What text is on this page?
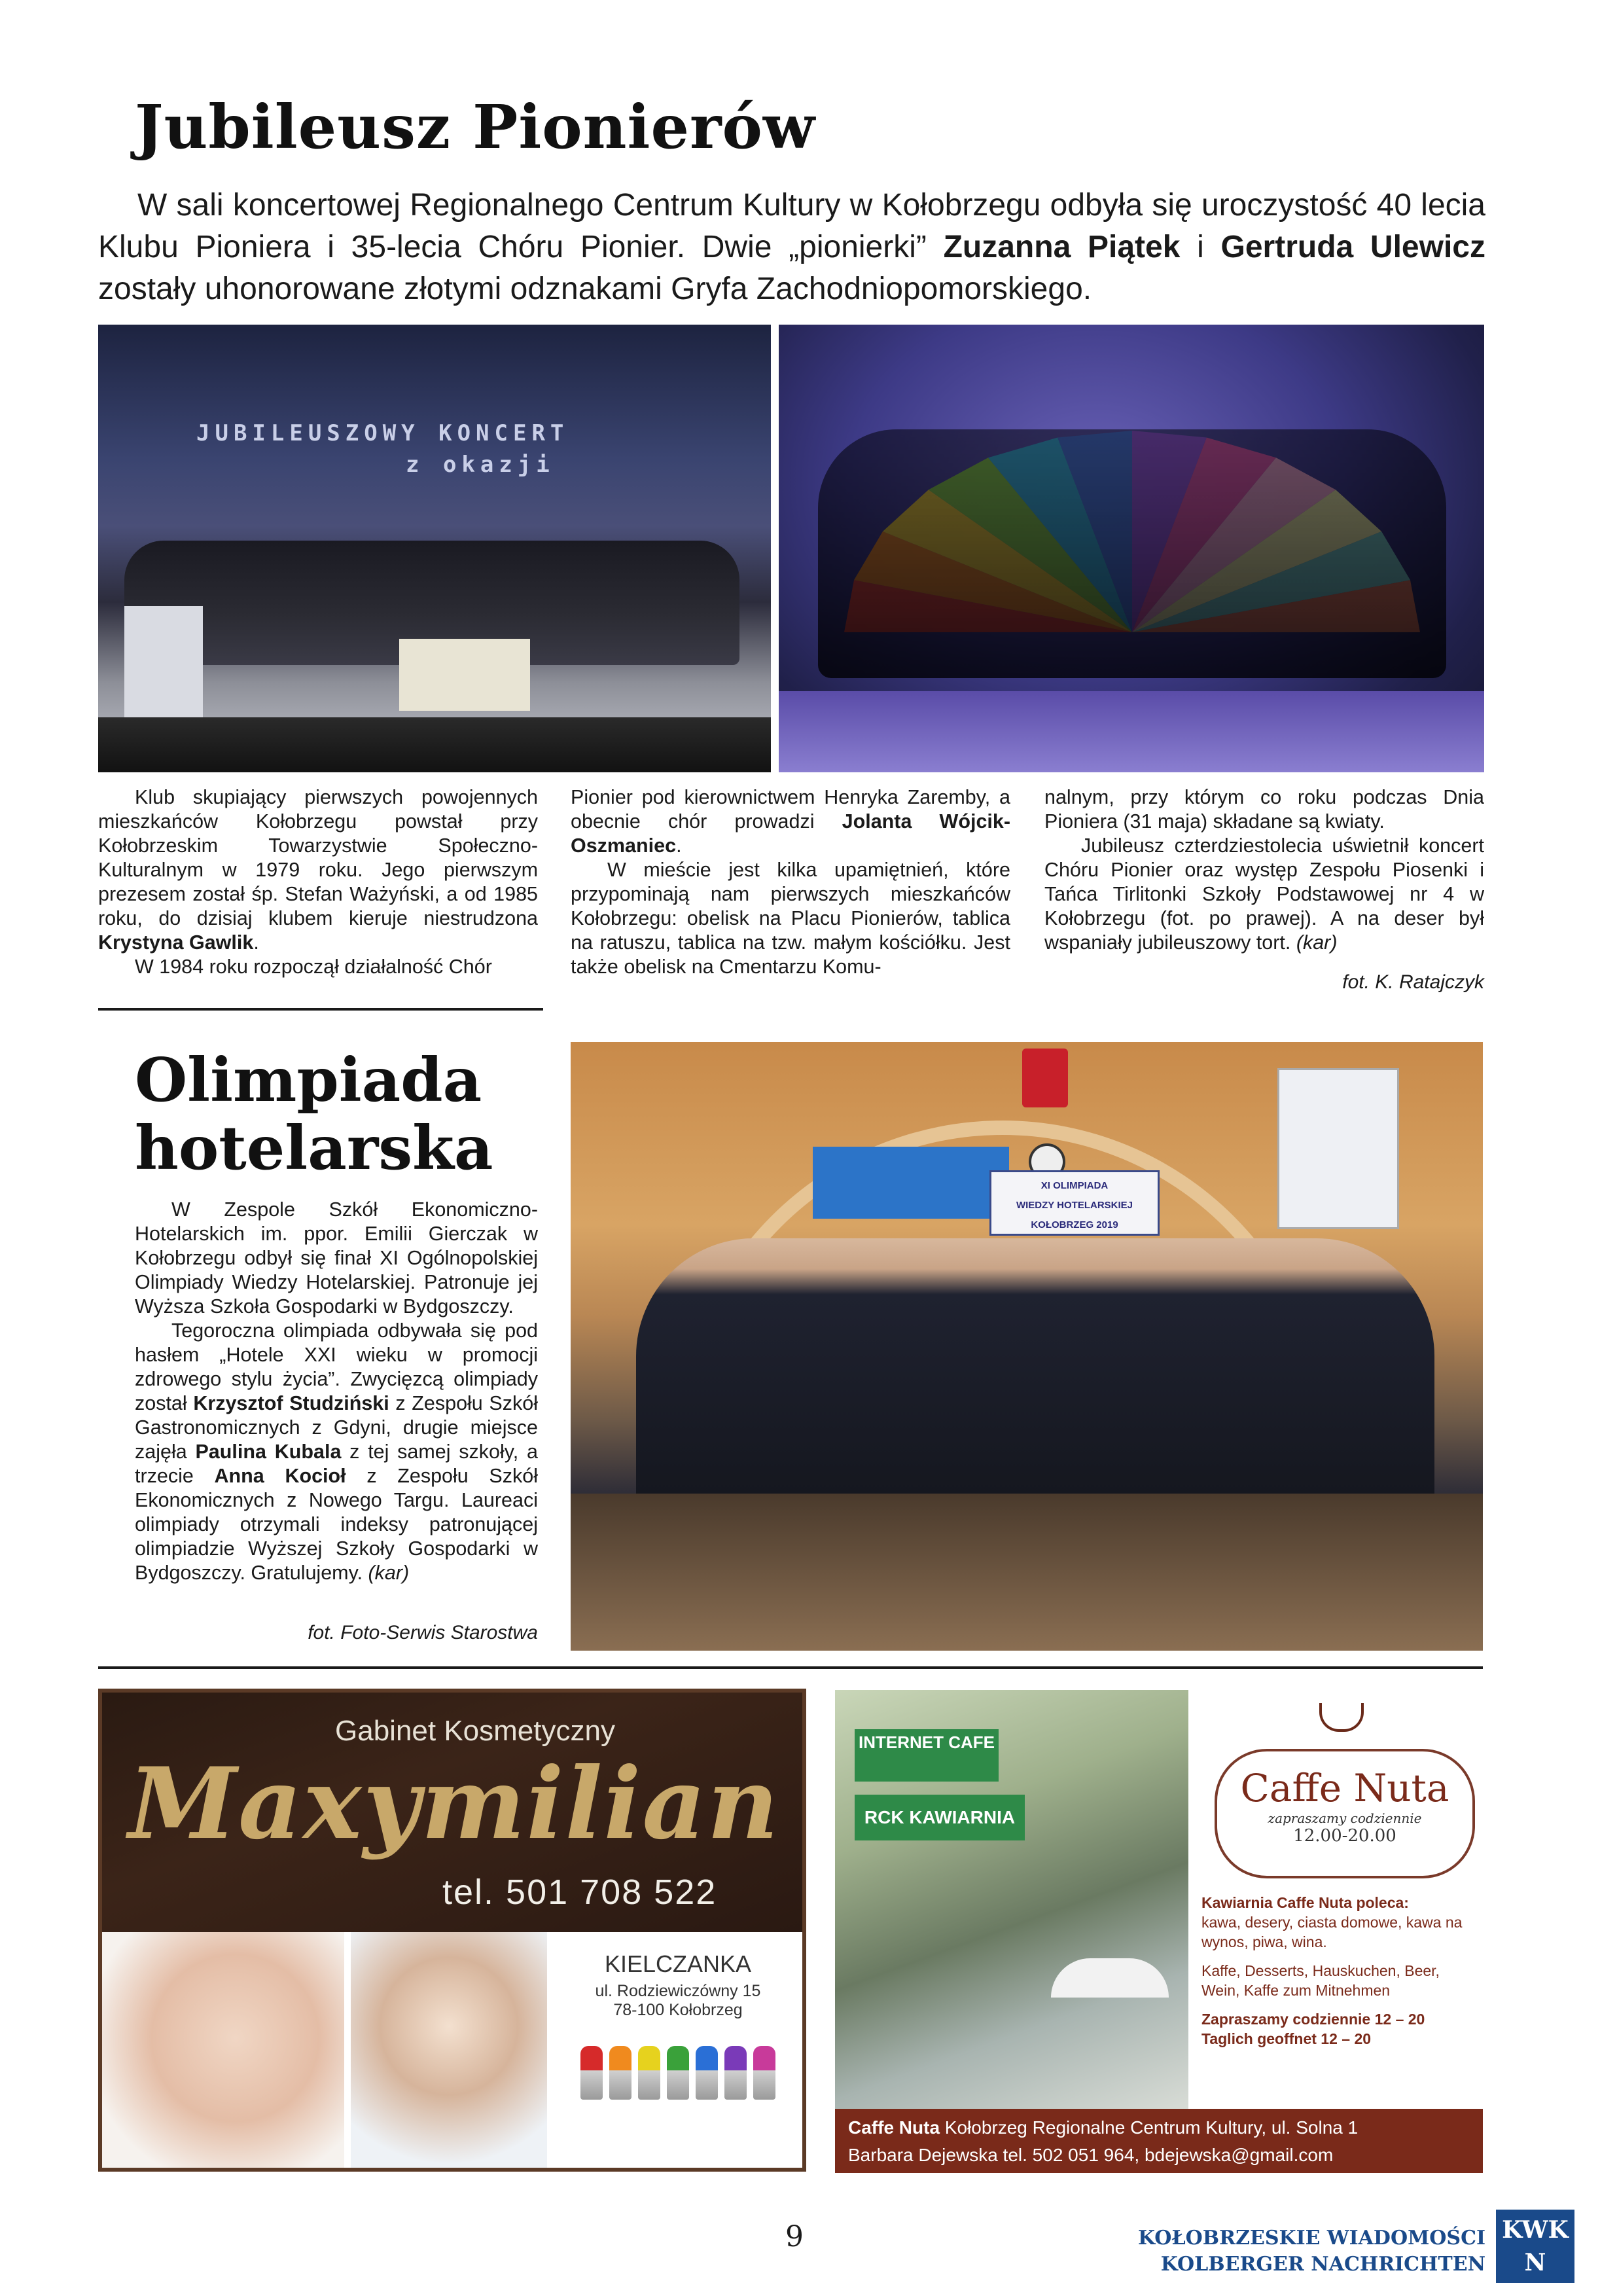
Jubileusz Pionierów
W sali koncertowej Regionalnego Centrum Kultury w Kołobrzegu odbyła się uroczystość 40 lecia Klubu Pioniera i 35-lecia Chóru Pionier. Dwie „pionierki” Zuzanna Piątek i Gertruda Ulewicz zostały uhonorowane złotymi odznakami Gryfa Zachodniopomorskiego.
JUBILEUSZOWY KONCERT
z okazji

Klub skupiający pierwszych powojennych mieszkańców Kołobrzegu powstał przy Kołobrzeskim Towarzystwie Społeczno-Kulturalnym w 1979 roku. Jego pierwszym prezesem został śp. Stefan Ważyński, a od 1985 roku, do dzisiaj klubem kieruje niestrudzona Krystyna Gawlik.

W 1984 roku rozpoczął działalność Chór

Pionier pod kierownictwem Henryka Zaremby, a obecnie chór prowadzi Jolanta Wójcik-Oszmaniec.

W mieście jest kilka upamiętnień, które przypominają nam pierwszych mieszkańców Kołobrzegu: obelisk na Placu Pionierów, tablica na ratuszu, tablica na tzw. małym kościółku. Jest także obelisk na Cmentarzu Komu-

nalnym, przy którym co roku podczas Dnia Pioniera (31 maja) składane są kwiaty.

Jubileusz czterdziestolecia uświetnił koncert Chóru Pionier oraz występ Zespołu Piosenki i Tańca Tirlitonki Szkoły Podstawowej nr 4 w Kołobrzegu (fot. po prawej). A na deser był wspaniały jubileuszowy tort. (kar)

fot. K. Ratajczyk
Olimpiada
hotelarska

W Zespole Szkół Ekonomiczno-Hotelarskich im. ppor. Emilii Gierczak w Kołobrzegu odbył się finał XI Ogólnopolskiej Olimpiady Wiedzy Hotelarskiej. Patronuje jej Wyższa Szkoła Gospodarki w Bydgoszczy.

Tegoroczna olimpiada odbywała się pod hasłem „Hotele XXI wieku w promocji zdrowego stylu życia”. Zwycięzcą olimpiady został Krzysztof Studziński z Zespołu Szkół Gastronomicznych z Gdyni, drugie miejsce zajęła Paulina Kubala z tej samej szkoły, a trzecie Anna Kocioł z Zespołu Szkół Ekonomicznych z Nowego Targu. Laureaci olimpiady otrzymali indeksy patronującej olimpiadzie Wyższej Szkoły Gospodarki w Bydgoszczy. Gratulujemy. (kar)

fot. Foto-Serwis Starostwa
XI OLIMPIADA
WIEDZY HOTELARSKIEJ
KOŁOBRZEG 2019
Gabinet Kosmetyczny
Maxymilian
tel. 501 708 522
KIELCZANKA
ul. Rodziewiczówny 15
78-100 Kołobrzeg
INTERNET CAFE
RCK KAWIARNIA
Caffe Nuta
zapraszamy codziennie
12.00-20.00
Kawiarnia Caffe Nuta poleca:
kawa, desery, ciasta domowe, kawa na wynos, piwa, wina.
Kaffe, Desserts, Hauskuchen, Beer, Wein, Kaffe zum Mitnehmen
Zapraszamy codziennie 12 – 20
Taglich geoffnet 12 – 20
Caffe Nuta Kołobrzeg Regionalne Centrum Kultury, ul. Solna 1
Barbara Dejewska tel. 502 051 964, bdejewska@gmail.com
9	KOŁOBRZESKIE WIADOMOŚCI
KOLBERGER NACHRICHTEN
KWKN
